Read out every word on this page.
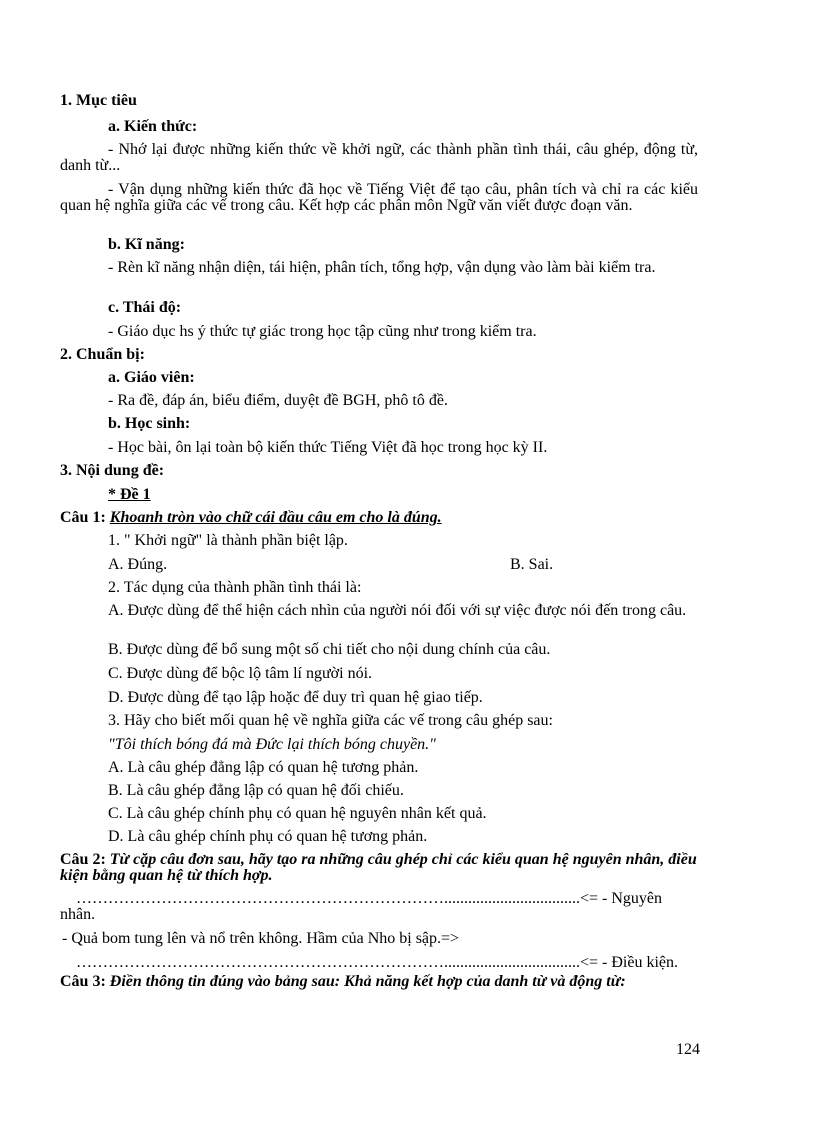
1. Mục tiêu
a. Kiến thức:
- Nhớ lại được những kiến thức về khởi ngữ, các thành phần tình thái, câu ghép, động từ, danh từ...
- Vận dụng những kiến thức đã học về Tiếng Việt để tạo câu, phân tích và chỉ ra các kiểu quan hệ nghĩa giữa các vế trong câu. Kết hợp các phân môn Ngữ văn viết được đoạn văn.
b. Kĩ năng:
- Rèn kĩ năng nhận diện, tái hiện, phân tích, tổng hợp, vận dụng vào làm bài kiểm tra.
c. Thái độ:
- Giáo dục hs ý thức tự giác trong học tập cũng như trong kiểm tra.
2. Chuẩn bị:
a. Giáo viên:
- Ra đề, đáp án, biểu điểm, duyệt đề BGH, phô tô đề.
b. Học sinh:
- Học bài, ôn lại toàn bộ kiến thức Tiếng Việt đã học trong học kỳ II.
3. Nội dung đề:
* Đề 1
Câu 1: Khoanh tròn vào chữ cái đầu câu em cho là đúng.
1. " Khởi ngữ" là thành phần biệt lập.
A. Đúng.	B. Sai.
2. Tác dụng của thành phần tình thái là:
A. Được dùng để thể hiện cách nhìn của người nói đối với sự việc được nói đến trong câu.
B. Được dùng để bổ sung một số chi tiết cho nội dung chính của câu.
C. Được dùng để bộc lộ tâm lí người nói.
D. Được dùng để tạo lập hoặc để duy trì quan hệ giao tiếp.
3. Hãy cho biết mối quan hệ về nghĩa giữa các vế trong câu ghép sau:
"Tôi thích bóng đá mà Đức lại thích bóng chuyền."
A. Là câu ghép đẳng lập có quan hệ tương phản.
B. Là câu ghép đẳng lập có quan hệ đối chiếu.
C. Là câu ghép chính phụ có quan hệ nguyên nhân kết quả.
D. Là câu ghép chính phụ có quan hệ tương phản.
Câu 2: Từ cặp câu đơn sau, hãy tạo ra những câu ghép chỉ các kiểu quan hệ nguyên nhân, điều kiện bằng quan hệ từ thích hợp.
…………………………………………………………….................................. <= - Nguyên
nhân.
- Quả bom tung lên và nổ trên không. Hầm của Nho bị sập.=>
…………………………………………………………….................................. <= - Điều kiện.
Câu 3: Điền thông tin đúng vào bảng sau: Khả năng kết hợp của danh từ và động từ:
124
